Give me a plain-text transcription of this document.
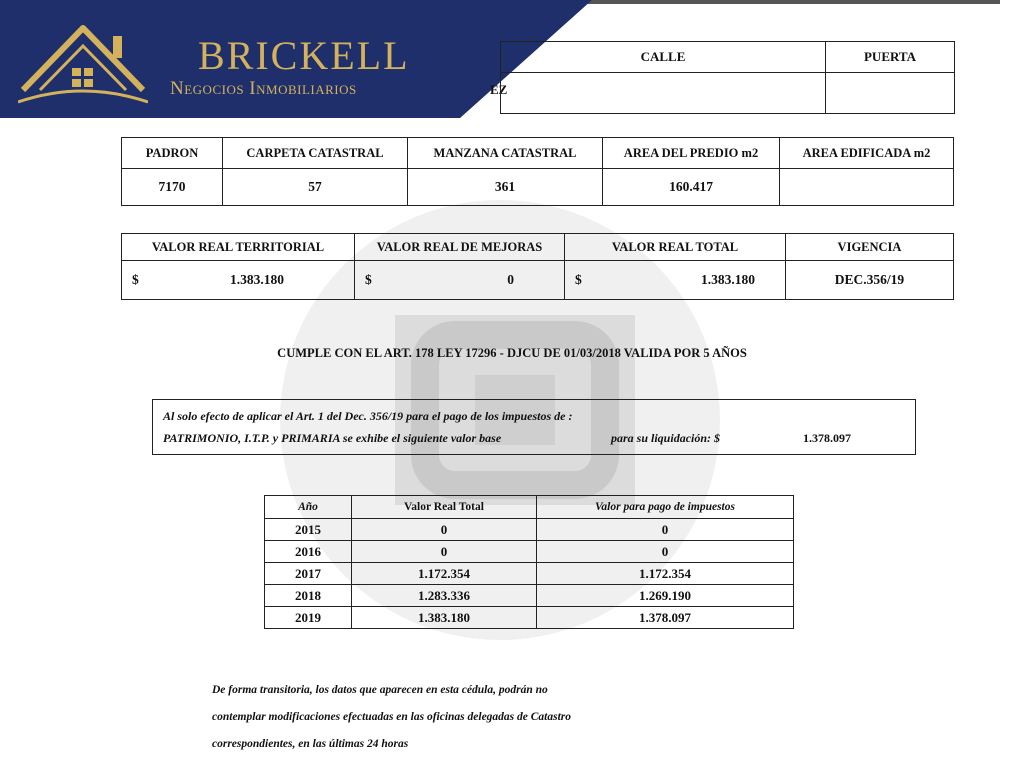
BRICKELL
Negocios Inmobiliarios	EZ
CALLE	PUERTA

PADRON	CARPETA CATASTRAL	MANZANA CATASTRAL	AREA DEL PREDIO m2	AREA EDIFICADA m2
7170	57	361	160.417	
VALOR REAL TERRITORIAL	VALOR REAL DE MEJORAS	VALOR REAL TOTAL	VIGENCIA

$ 1.383.180	$ 0	$ 1.383.180	DEC.356/19
CUMPLE CON EL ART. 178 LEY 17296 - DJCU DE 01/03/2018 VALIDA POR 5 AÑOS
Al solo efecto de aplicar el Art. 1 del Dec. 356/19 para el pago de los impuestos de :
PATRIMONIO, I.T.P. y PRIMARIA se exhibe el siguiente valor base	para su liquidación: $	1.378.097
Año	Valor Real Total	Valor para pago de impuestos
2015	0	0
2016	0	0
2017	1.172.354	1.172.354
2018	1.283.336	1.269.190
2019	1.383.180	1.378.097
De forma transitoria, los datos que aparecen en esta cédula, podrán no
contemplar modificaciones efectuadas en las oficinas delegadas de Catastro
correspondientes, en las últimas 24 horas
